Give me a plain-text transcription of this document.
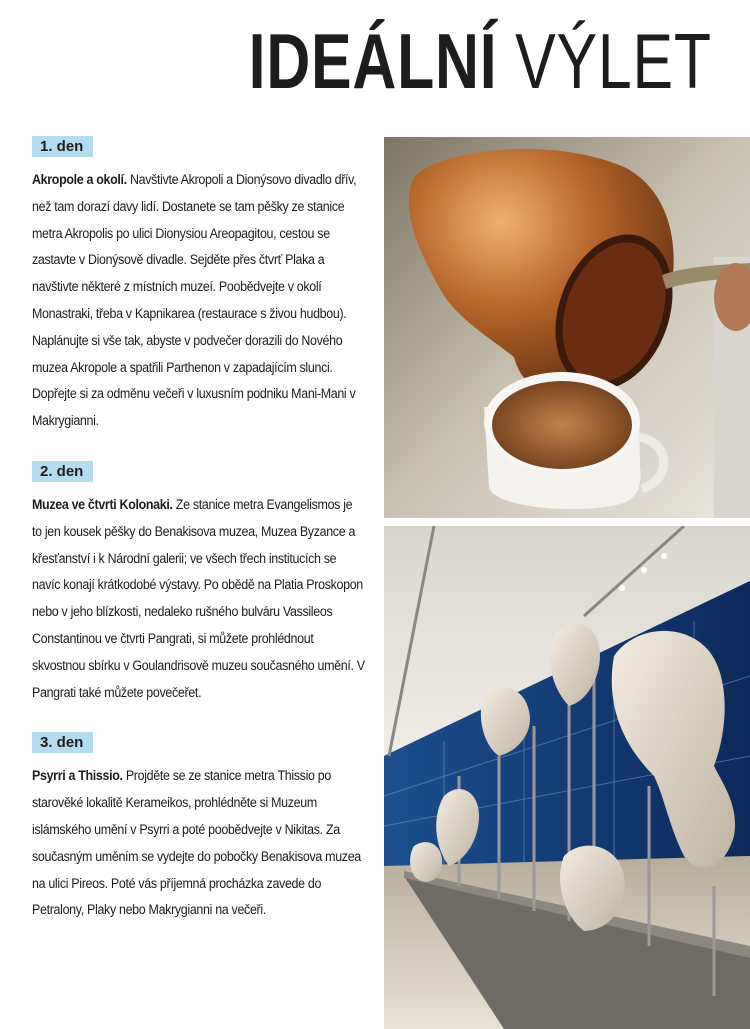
IDEÁLNÍ VÝLET
1. den

Akropole a okolí. Navštivte Akropoli a Dionýsovo divadlo dřív, než tam dorazí davy lidí. Dostanete se tam pěšky ze stanice metra Akropolis po ulici Dionysiou Areopagitou, cestou se zastavte v Dionýsově divadle. Sejděte přes čtvrť Plaka a navštivte některé z místních muzeí. Poobědvejte v okolí Monastraki, třeba v Kapnikarea (restaurace s živou hudbou). Naplánujte si vše tak, abyste v podvečer dorazili do Nového muzea Akropole a spatřili Parthenon v zapadajícím slunci. Dopřejte si za odměnu večeři v luxusním podniku Mani-Mani v Makrygianni.

2. den

Muzea ve čtvrti Kolonaki. Ze stanice metra Evangelismos je to jen kousek pěšky do Benakisova muzea, Muzea Byzance a křesťanství i k Národní galerii; ve všech třech institucích se navíc konají krátkodobé výstavy. Po obědě na Platia Proskopon nebo v jeho blízkosti, nedaleko rušného bulváru Vassileos Constantinou ve čtvrti Pangrati, si můžete prohlédnout skvostnou sbírku v Goulandrisově muzeu současného umění. V Pangrati také můžete povečeřet.

3. den

Psyrri a Thissio. Projděte se ze stanice metra Thissio po starověké lokalitě Kerameikos, prohlédněte si Muzeum islámského umění v Psyrri a poté poobědvejte v Nikitas. Za současným uměním se vydejte do pobočky Benakisova muzea na ulici Pireos. Poté vás příjemná procházka zavede do Petralony, Plaky nebo Makrygianni na večeři.
